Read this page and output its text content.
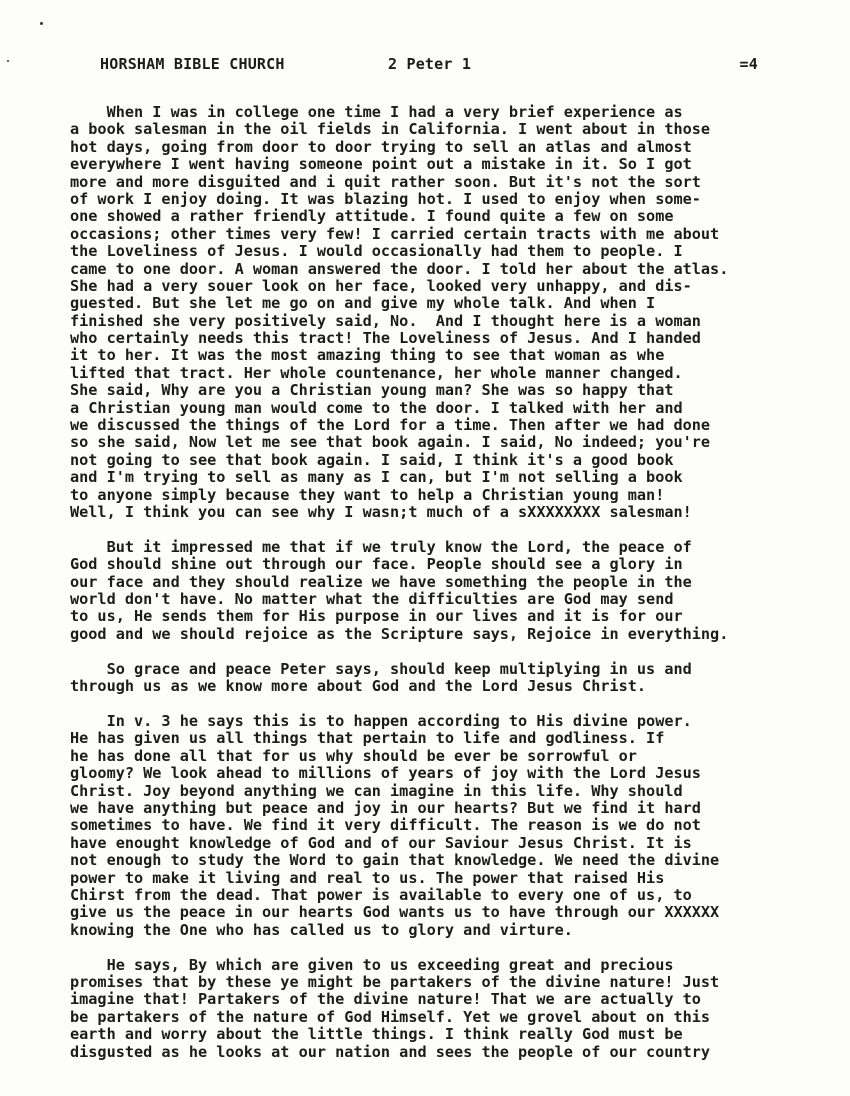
HORSHAM BIBLE CHURCH	2 Peter 1	=4
When I was in college one time I had a very brief experience as
a book salesman in the oil fields in California. I went about in those
hot days, going from door to door trying to sell an atlas and almost
everywhere I went having someone point out a mistake in it. So I got
more and more disguited and i quit rather soon. But it's not the sort
of work I enjoy doing. It was blazing hot. I used to enjoy when some-
one showed a rather friendly attitude. I found quite a few on some
occasions; other times very few! I carried certain tracts with me about
the Loveliness of Jesus. I would occasionally had them to people. I
came to one door. A woman answered the door. I told her about the atlas.
She had a very souer look on her face, looked very unhappy, and dis-
guested. But she let me go on and give my whole talk. And when I
finished she very positively said, No.  And I thought here is a woman
who certainly needs this tract! The Loveliness of Jesus. And I handed
it to her. It was the most amazing thing to see that woman as whe
lifted that tract. Her whole countenance, her whole manner changed.
She said, Why are you a Christian young man? She was so happy that
a Christian young man would come to the door. I talked with her and
we discussed the things of the Lord for a time. Then after we had done
so she said, Now let me see that book again. I said, No indeed; you're
not going to see that book again. I said, I think it's a good book
and I'm trying to sell as many as I can, but I'm not selling a book
to anyone simply because they want to help a Christian young man!
Well, I think you can see why I wasn;t much of a sXXXXXXXX salesman!
But it impressed me that if we truly know the Lord, the peace of
God should shine out through our face. People should see a glory in
our face and they should realize we have something the people in the
world don't have. No matter what the difficulties are God may send
to us, He sends them for His purpose in our lives and it is for our
good and we should rejoice as the Scripture says, Rejoice in everything.
So grace and peace Peter says, should keep multiplying in us and
through us as we know more about God and the Lord Jesus Christ.
In v. 3 he says this is to happen according to His divine power.
He has given us all things that pertain to life and godliness. If
he has done all that for us why should be ever be sorrowful or
gloomy? We look ahead to millions of years of joy with the Lord Jesus
Christ. Joy beyond anything we can imagine in this life. Why should
we have anything but peace and joy in our hearts? But we find it hard
sometimes to have. We find it very difficult. The reason is we do not
have enought knowledge of God and of our Saviour Jesus Christ. It is
not enough to study the Word to gain that knowledge. We need the divine
power to make it living and real to us. The power that raised His
Chirst from the dead. That power is available to every one of us, to
give us the peace in our hearts God wants us to have through our XXXXXX
knowing the One who has called us to glory and virture.
He says, By which are given to us exceeding great and precious
promises that by these ye might be partakers of the divine nature! Just
imagine that! Partakers of the divine nature! That we are actually to
be partakers of the nature of God Himself. Yet we grovel about on this
earth and worry about the little things. I think really God must be
disgusted as he looks at our nation and sees the people of our country
